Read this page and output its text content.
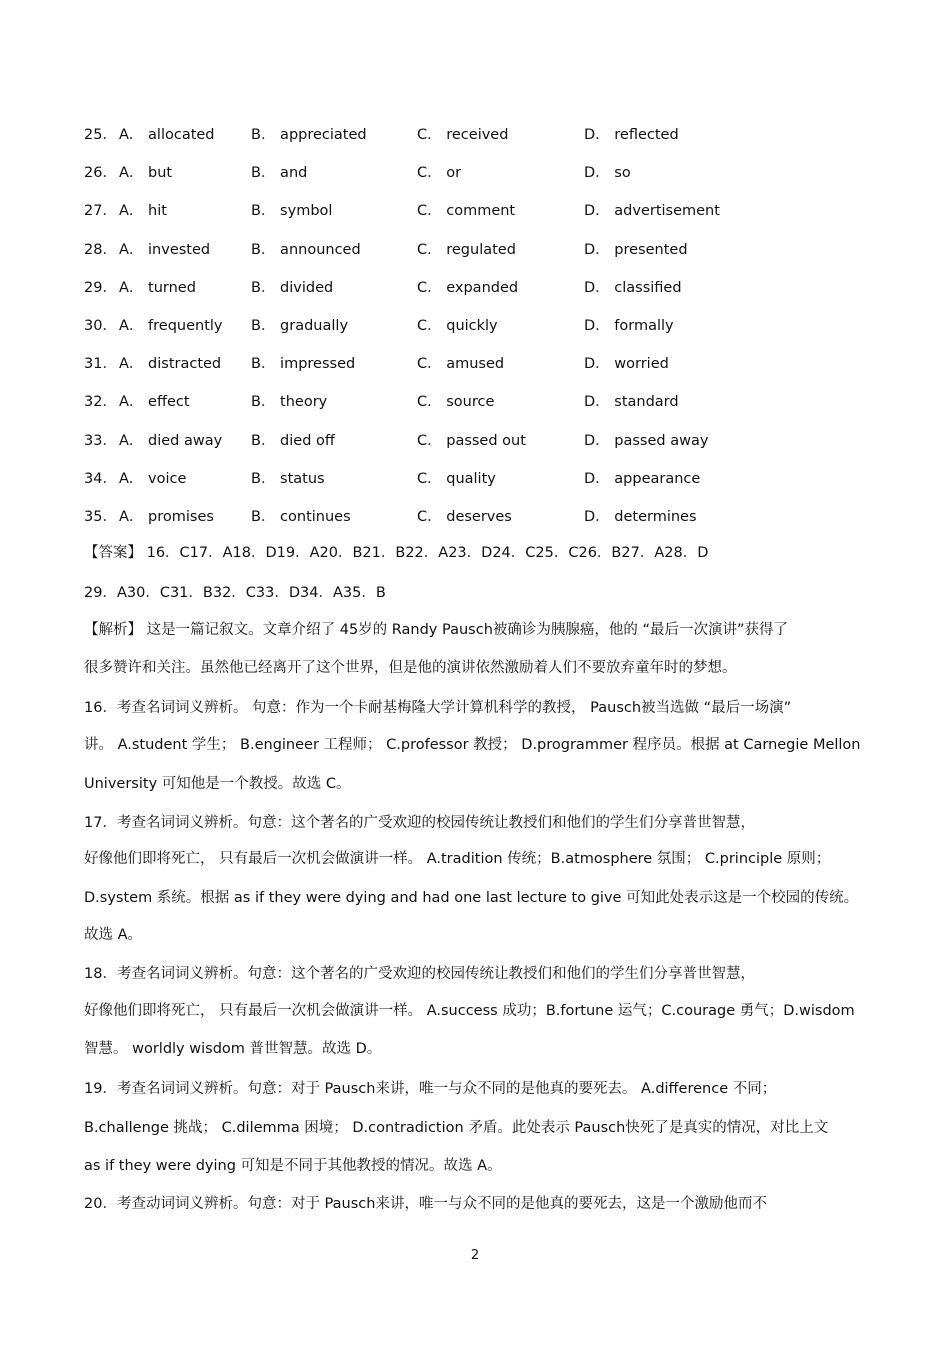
25． A． allocated	B． appreciated	C． received	D． reflected
26． A． but	B． and	C． or	D． so
27． A． hit	B． symbol	C． comment	D． advertisement
28． A． invested	B． announced	C． regulated	D． presented
29． A． turned	B． divided	C． expanded	D． classified
30． A． frequently B． gradually	C． quickly	D． formally
31． A． distracted B． impressed	C． amused	D． worried
32． A． effect	B． theory	C． source	D． standard
33． A． died away B． died off	C． passed out	D． passed away
34． A． voice	B． status	C． quality	D． appearance
35． A． promises	B． continues	C． deserves	D． determines
【答案】 16．C17．A18．D19．A20．B21．B22．A23．D24．C25．C26．B27．A28．D
29．A30．C31．B32．C33．D34．A35．B
【解析】 这是一篇记叙文。文章介绍了 45岁的 Randy Pausch被确诊为胰腺癌，他的 “最后一次演讲”获得了
很多赞许和关注。虽然他已经离开了这个世界，但是他的演讲依然激励着人们不要放弃童年时的梦想。
16．考查名词词义辨析。 句意：作为一个卡耐基梅隆大学计算机科学的教授， Pausch被当选做 “最后一场演”
讲。 A.student 学生； B.engineer 工程师； C.professor 教授； D.programmer 程序员。根据 at Carnegie Mellon
University 可知他是一个教授。故选 C。
17．考查名词词义辨析。句意：这个著名的广受欢迎的校园传统让教授们和他们的学生们分享普世智慧，
好像他们即将死亡， 只有最后一次机会做演讲一样。 A.tradition 传统；B.atmosphere 氛围； C.principle 原则；
D.system 系统。根据 as if they were dying and had one last lecture to give 可知此处表示这是一个校园的传统。
故选 A。
18．考查名词词义辨析。句意：这个著名的广受欢迎的校园传统让教授们和他们的学生们分享普世智慧，
好像他们即将死亡， 只有最后一次机会做演讲一样。 A.success 成功；B.fortune 运气；C.courage 勇气；D.wisdom
智慧。 worldly wisdom 普世智慧。故选 D。
19．考查名词词义辨析。句意：对于 Pausch来讲，唯一与众不同的是他真的要死去。 A.difference 不同；
B.challenge 挑战； C.dilemma 困境； D.contradiction 矛盾。此处表示 Pausch快死了是真实的情况，对比上文
as if they were dying 可知是不同于其他教授的情况。故选 A。
20．考查动词词义辨析。句意：对于 Pausch来讲，唯一与众不同的是他真的要死去，这是一个激励他而不
2
